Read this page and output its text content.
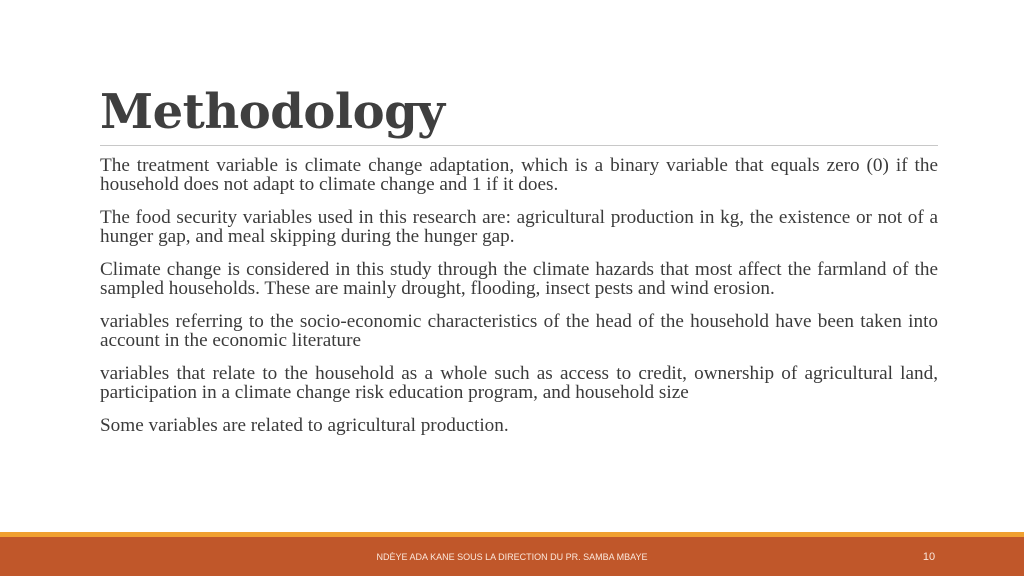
Methodology

The treatment variable is climate change adaptation, which is a binary variable that equals zero (0) if the household does not adapt to climate change and 1 if it does.

The food security variables used in this research are: agricultural production in kg, the existence or not of a hunger gap, and meal skipping during the hunger gap.

Climate change is considered in this study through the climate hazards that most affect the farmland of the sampled households. These are mainly drought, flooding, insect pests and wind erosion.

variables referring to the socio-economic characteristics of the head of the household have been taken into account in the economic literature

variables that relate to the household as a whole such as access to credit, ownership of agricultural land, participation in a climate change risk education program, and household size

Some variables are related to agricultural production.

NDÈYE ADA KANE SOUS LA DIRECTION DU PR. SAMBA MBAYE	10
